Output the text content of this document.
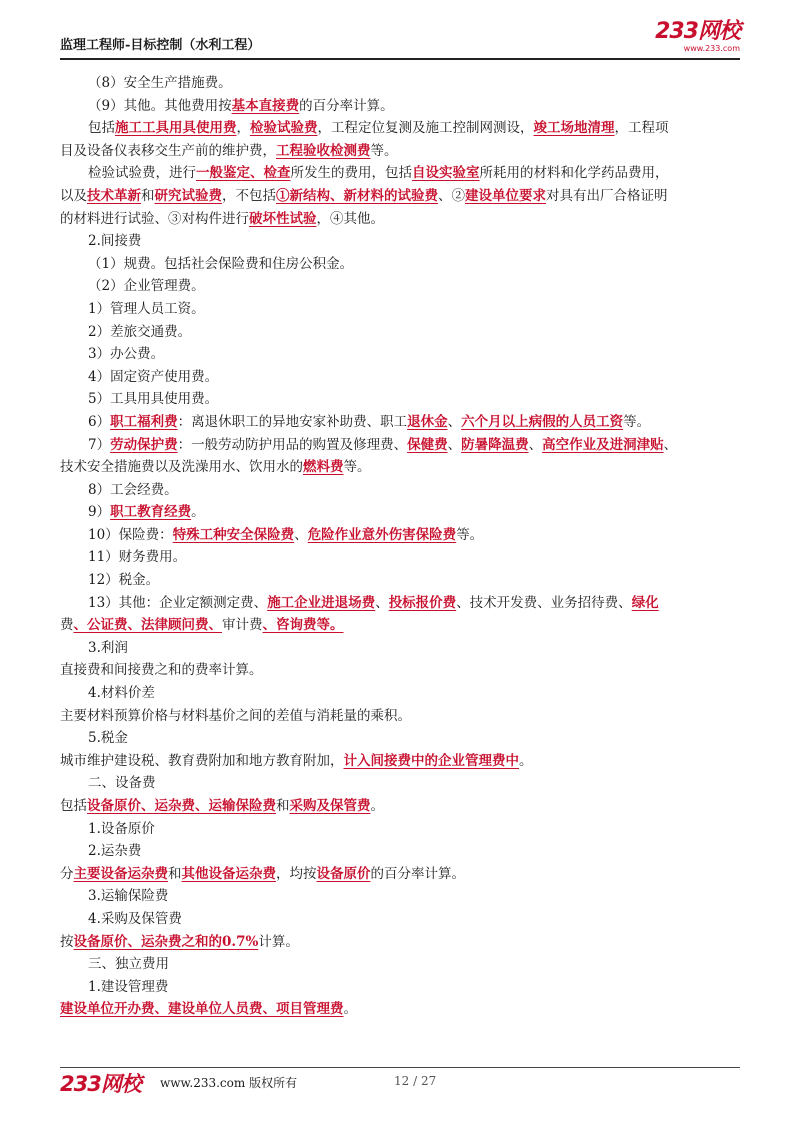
监理工程师-目标控制（水利工程）
233网校
www.233.com
（8）安全生产措施费。
（9）其他。其他费用按基本直接费的百分率计算。
包括施工工具用具使用费，检验试验费，工程定位复测及施工控制网测设，竣工场地清理，工程项
目及设备仪表移交生产前的维护费，工程验收检测费等。
检验试验费，进行一般鉴定、检查所发生的费用，包括自设实验室所耗用的材料和化学药品费用，
以及技术革新和研究试验费，不包括①新结构、新材料的试验费、②建设单位要求对具有出厂合格证明
的材料进行试验、③对构件进行破坏性试验，④其他。
2.间接费
（1）规费。包括社会保险费和住房公积金。
（2）企业管理费。
1）管理人员工资。
2）差旅交通费。
3）办公费。
4）固定资产使用费。
5）工具用具使用费。
6）职工福利费：离退休职工的异地安家补助费、职工退休金、六个月以上病假的人员工资等。
7）劳动保护费：一般劳动防护用品的购置及修理费、保健费、防暑降温费、高空作业及进洞津贴、
技术安全措施费以及洗澡用水、饮用水的燃料费等。
8）工会经费。
9）职工教育经费。
10）保险费：特殊工种安全保险费、危险作业意外伤害保险费等。
11）财务费用。
12）税金。
13）其他：企业定额测定费、施工企业进退场费、投标报价费、技术开发费、业务招待费、绿化
费、公证费、法律顾问费、审计费、咨询费等。
3.利润
直接费和间接费之和的费率计算。
4.材料价差
主要材料预算价格与材料基价之间的差值与消耗量的乘积。
5.税金
城市维护建设税、教育费附加和地方教育附加，计入间接费中的企业管理费中。
二、设备费
包括设备原价、运杂费、运输保险费和采购及保管费。
1.设备原价
2.运杂费
分主要设备运杂费和其他设备运杂费，均按设备原价的百分率计算。
3.运输保险费
4.采购及保管费
按设备原价、运杂费之和的0.7%计算。
三、独立费用
1.建设管理费
建设单位开办费、建设单位人员费、项目管理费。
233网校 www.233.com 版权所有	12 / 27
